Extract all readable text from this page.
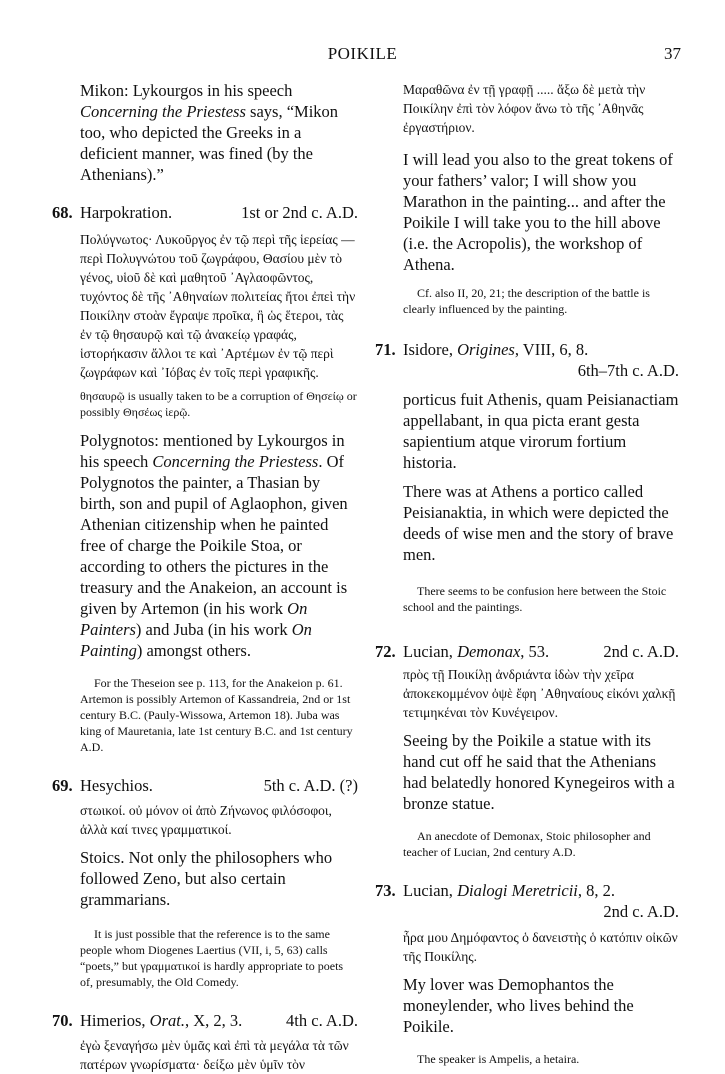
POIKILE	37

Mikon: Lykourgos in his speech Concerning the Priestess says, “Mikon too, who depicted the Greeks in a deficient manner, was fined (by the Athenians).”

68. Harpokration.	1st or 2nd c. A.D.

Πολύγνωτος· Λυκοῦργος ἐν τῷ περὶ τῆς ἱερείας — περὶ Πολυγνώτου τοῦ ζωγράφου, Θασίου μὲν τὸ γένος, υἱοῦ δὲ καὶ μαθητοῦ ᾿Αγλαοφῶντος, τυχόντος δὲ τῆς ᾿Αθηναίων πολιτείας ἤτοι ἐπεὶ τὴν Ποικίλην στοὰν ἔγραψε προῖκα, ἢ ὡς ἕτεροι, τὰς ἐν τῷ θησαυρῷ καὶ τῷ ἀνακείῳ γραφάς, ἱστορήκασιν ἄλλοι τε καὶ ᾿Αρτέμων ἐν τῷ περὶ ζωγράφων καὶ ᾿Ιόβας ἐν τοῖς περὶ γραφικῆς.

θησαυρῷ is usually taken to be a corruption of Θησείῳ or possibly Θησέως ἱερῷ.

Polygnotos: mentioned by Lykourgos in his speech Concerning the Priestess. Of Polygnotos the painter, a Thasian by birth, son and pupil of Aglaophon, given Athenian citizenship when he painted free of charge the Poikile Stoa, or according to others the pictures in the treasury and the Anakeion, an account is given by Artemon (in his work On Painters) and Juba (in his work On Painting) amongst others.

For the Theseion see p. 113, for the Anakeion p. 61. Artemon is possibly Artemon of Kassandreia, 2nd or 1st century B.C. (Pauly-Wissowa, Artemon 18). Juba was king of Mauretania, late 1st century B.C. and 1st century A.D.

69. Hesychios.	5th c. A.D. (?)

στωικοί. οὐ μόνον οἱ ἀπὸ Ζήνωνος φιλόσοφοι, ἀλλὰ καί τινες γραμματικοί.

Stoics. Not only the philosophers who followed Zeno, but also certain grammarians.

It is just possible that the reference is to the same people whom Diogenes Laertius (VII, i, 5, 63) calls “poets,” but γραμματικοί is hardly appropriate to poets of, presumably, the Old Comedy.

70. Himerios, Orat., X, 2, 3.	4th c. A.D.

ἐγὼ ξεναγήσω μὲν ὑμᾶς καὶ ἐπὶ τὰ μεγάλα τὰ τῶν πατέρων γνωρίσματα· δείξω μὲν ὑμῖν τὸν

Μαραθῶνα ἐν τῇ γραφῇ ..... ἄξω δὲ μετὰ τὴν Ποικίλην ἐπὶ τὸν λόφον ἄνω τὸ τῆς ᾿Αθηνᾶς ἐργαστήριον.

I will lead you also to the great tokens of your fathers’ valor; I will show you Marathon in the painting... and after the Poikile I will take you to the hill above (i.e. the Acropolis), the workshop of Athena.

Cf. also II, 20, 21; the description of the battle is clearly influenced by the painting.

71. Isidore, Origines, VIII, 6, 8.
6th–7th c. A.D.

porticus fuit Athenis, quam Peisianactiam appellabant, in qua picta erant gesta sapientium atque virorum fortium historia.

There was at Athens a portico called Peisianaktia, in which were depicted the deeds of wise men and the story of brave men.

There seems to be confusion here between the Stoic school and the paintings.

72. Lucian, Demonax, 53.	2nd c. A.D.

πρὸς τῇ Ποικίλῃ ἀνδριάντα ἰδὼν τὴν χεῖρα ἀποκεκομμένον ὀψὲ ἔφη ᾿Αθηναίους εἰκόνι χαλκῇ τετιμηκέναι τὸν Κυνέγειρον.

Seeing by the Poikile a statue with its hand cut off he said that the Athenians had belatedly honored Kynegeiros with a bronze statue.

An anecdote of Demonax, Stoic philosopher and teacher of Lucian, 2nd century A.D.

73. Lucian, Dialogi Meretricii, 8, 2.
2nd c. A.D.

ἦρα μου Δημόφαντος ὁ δανειστὴς ὁ κατόπιν οἰκῶν τῆς Ποικίλης.

My lover was Demophantos the moneylender, who lives behind the Poikile.

The speaker is Ampelis, a hetaira.
